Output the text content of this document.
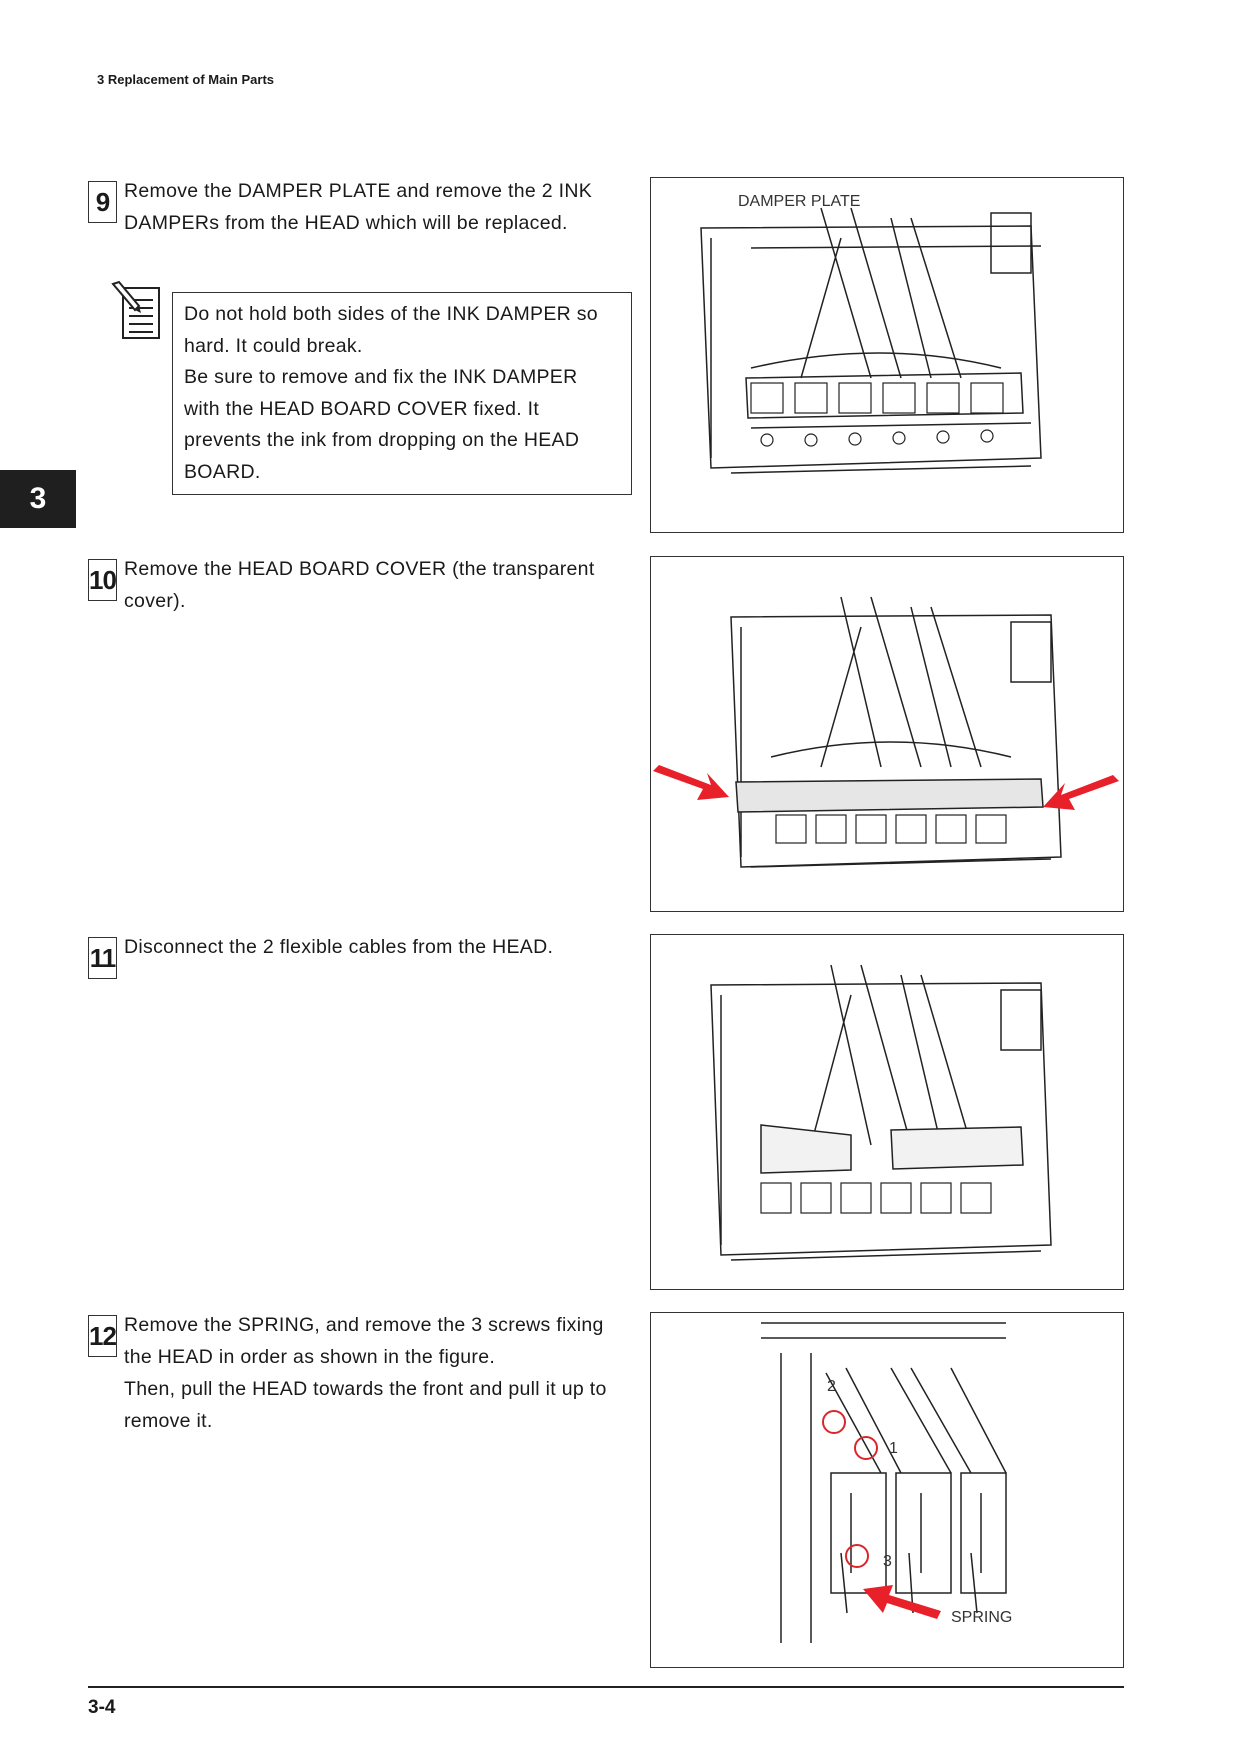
3 Replacement of Main Parts
3
9 Remove the DAMPER PLATE and remove the 2 INK
DAMPERs from the HEAD which will be replaced.

Do not hold both sides of the INK DAMPER so
hard. It could break.
Be sure to remove and fix the INK DAMPER
with the HEAD BOARD COVER fixed. It
prevents the ink from dropping on the HEAD
BOARD.
DAMPER PLATE
10 Remove the HEAD BOARD COVER (the transparent
cover).

11 Disconnect the 2 flexible cables from the HEAD.

12 Remove the SPRING, and remove the 3 screws fixing
the HEAD in order as shown in the figure.
Then, pull the HEAD towards the front and pull it up to
remove it.

2
1
3
SPRING
3-4
